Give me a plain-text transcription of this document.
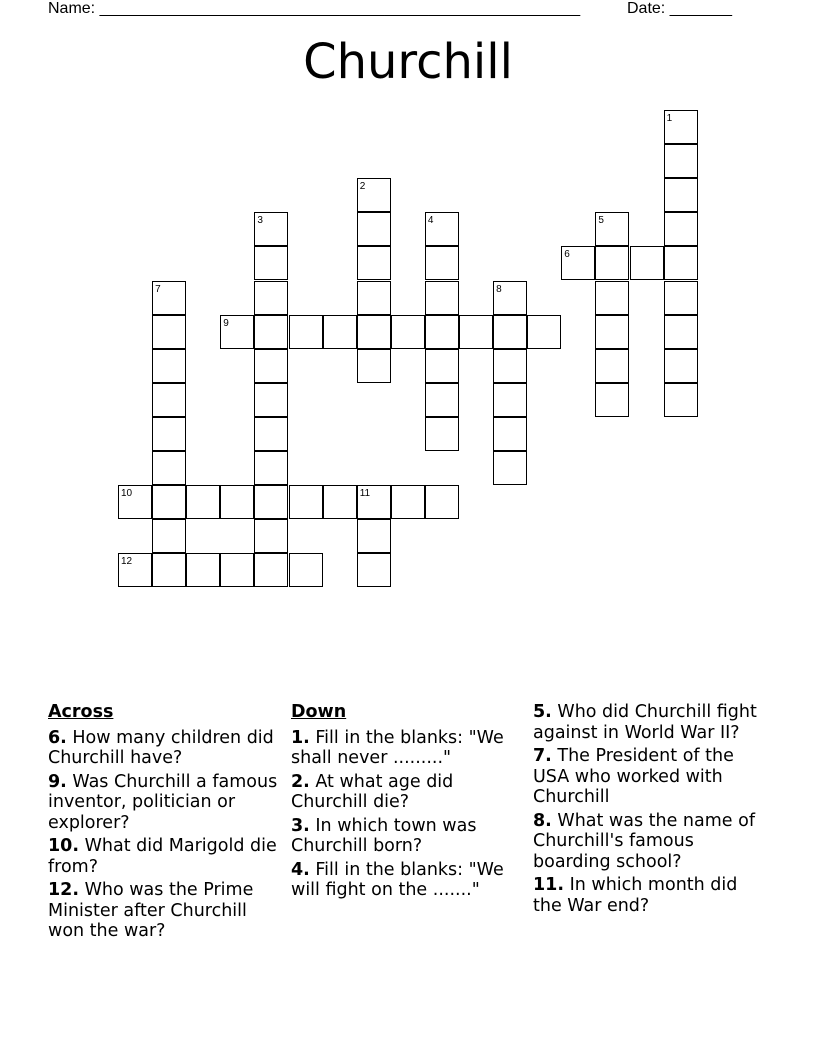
Name: ______________________________________________________	Date: _______
Churchill
1
2
3	4	5
6
7	8
9
10	11
12
Across
6. How many children did Churchill have?
9. Was Churchill a famous inventor, politician or explorer?
10. What did Marigold die from?
12. Who was the Prime Minister after Churchill won the war?
Down
1. Fill in the blanks: "We shall never ........."
2. At what age did Churchill die?
3. In which town was Churchill born?
4. Fill in the blanks: "We will fight on the ......."
5. Who did Churchill fight against in World War II?
7. The President of the USA who worked with Churchill
8. What was the name of Churchill's famous boarding school?
11. In which month did the War end?
